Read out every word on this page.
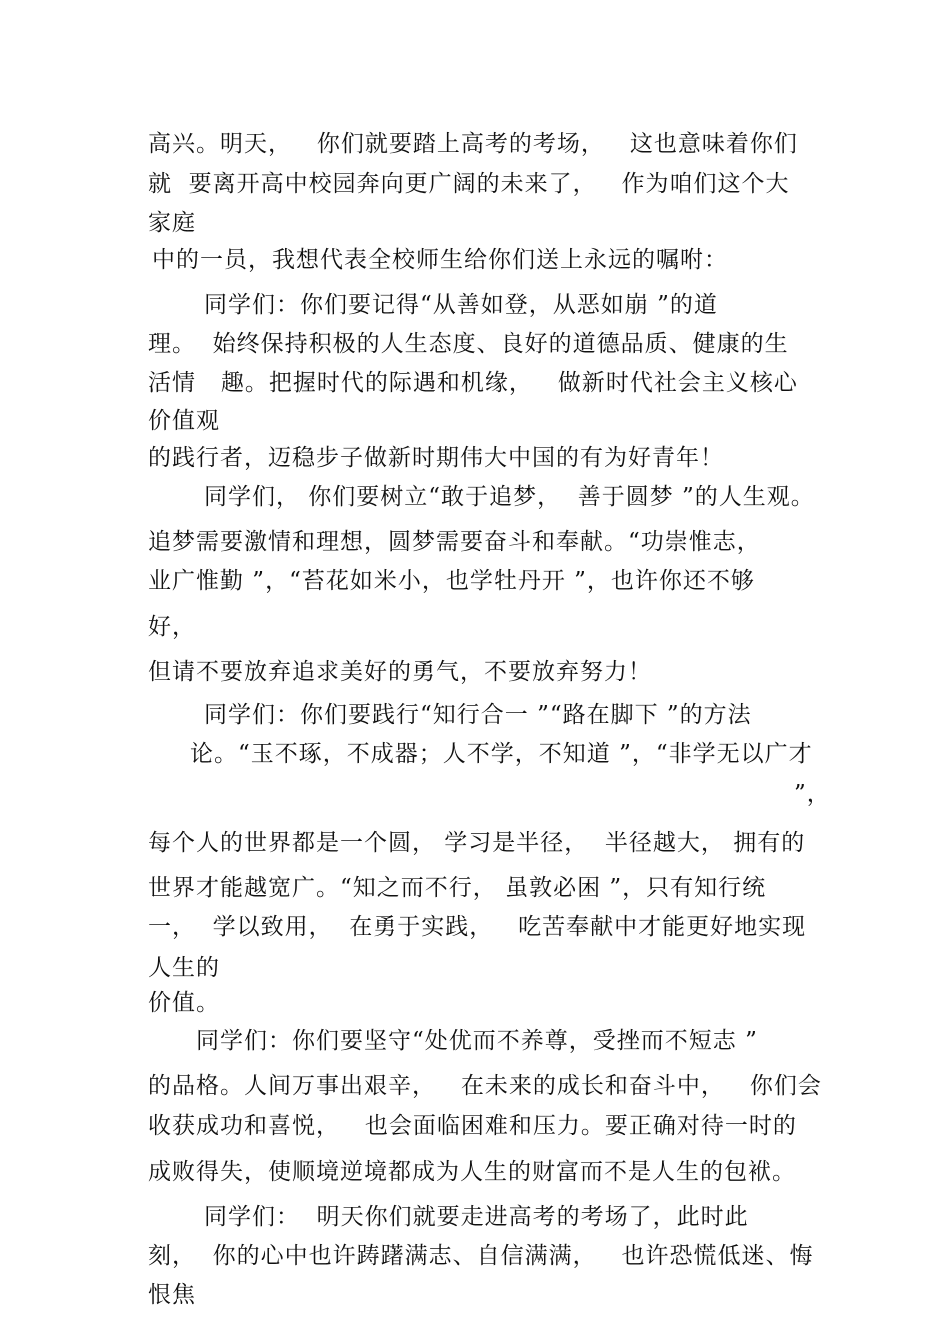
高兴。明天，   你们就要踏上高考的考场，   这也意味着你们
就  要离开高中校园奔向更广阔的未来了，   作为咱们这个大
家庭
中的一员，我想代表全校师生给你们送上永远的嘱咐：
同学们：你们要记得“从善如登，从恶如崩 ”的道
理。  始终保持积极的人生态度、良好的道德品质、健康的生
活情   趣。把握时代的际遇和机缘，   做新时代社会主义核心
价值观
的践行者，迈稳步子做新时期伟大中国的有为好青年！
同学们， 你们要树立“敢于追梦，  善于圆梦 ”的人生观。
追梦需要激情和理想，圆梦需要奋斗和奉献。“功崇惟志，
业广惟勤 ”，“苔花如米小，也学牡丹开 ”，也许你还不够
好，
但请不要放弃追求美好的勇气，不要放弃努力！
同学们：你们要践行“知行合一 ”“路在脚下 ”的方法
论。“玉不琢，不成器；人不学，不知道 ”，“非学无以广才
”，
每个人的世界都是一个圆， 学习是半径，  半径越大， 拥有的
世界才能越宽广。“知之而不行， 虽敦必困 ”，只有知行统
一，  学以致用，  在勇于实践，   吃苦奉献中才能更好地实现
人生的
价值。
同学们：你们要坚守“处优而不养尊，受挫而不短志 ”
的品格。人间万事出艰辛，   在未来的成长和奋斗中，   你们会
收获成功和喜悦，   也会面临困难和压力。要正确对待一时的
成败得失，使顺境逆境都成为人生的财富而不是人生的包袱。
同学们：  明天你们就要走进高考的考场了，此时此
刻，  你的心中也许踌躇满志、自信满满，   也许恐慌低迷、悔
恨焦
